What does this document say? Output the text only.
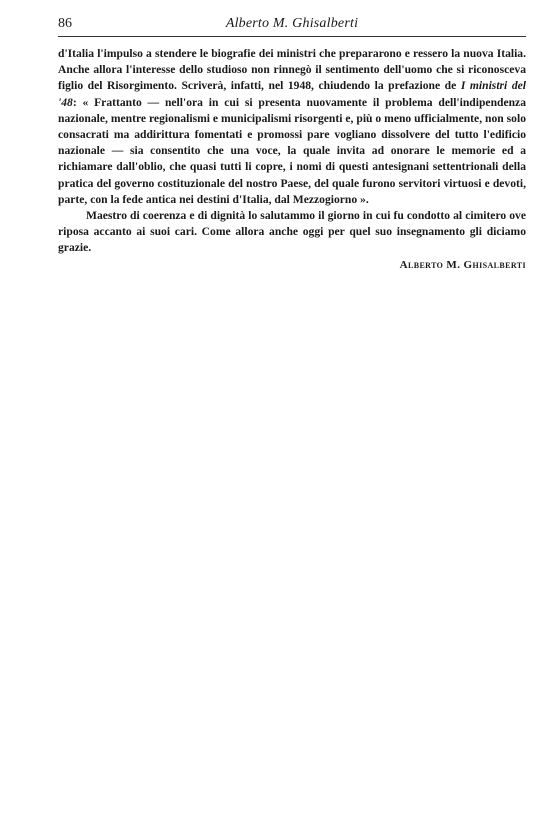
86	Alberto M. Ghisalberti

d'Italia l'impulso a stendere le biografie dei ministri che prepararono e ressero la nuova Italia. Anche allora l'interesse dello studioso non rinnegò il sentimento dell'uomo che si riconosceva figlio del Risorgimento. Scriverà, infatti, nel 1948, chiudendo la prefazione de I ministri del '48: « Frattanto — nell'ora in cui si presenta nuovamente il problema dell'indipendenza nazionale, mentre regionalismi e municipalismi risorgenti e, più o meno ufficialmente, non solo consacrati ma addirittura fomentati e promossi pare vogliano dissolvere del tutto l'edificio nazionale — sia consentito che una voce, la quale invita ad onorare le memorie ed a richiamare dall'oblio, che quasi tutti li copre, i nomi di questi antesignani settentrionali della pratica del governo costituzionale del nostro Paese, del quale furono servitori virtuosi e devoti, parte, con la fede antica nei destini d'Italia, dal Mezzogiorno ».

Maestro di coerenza e di dignità lo salutammo il giorno in cui fu condotto al cimitero ove riposa accanto ai suoi cari. Come allora anche oggi per quel suo insegnamento gli diciamo grazie.

Alberto M. Ghisalberti
